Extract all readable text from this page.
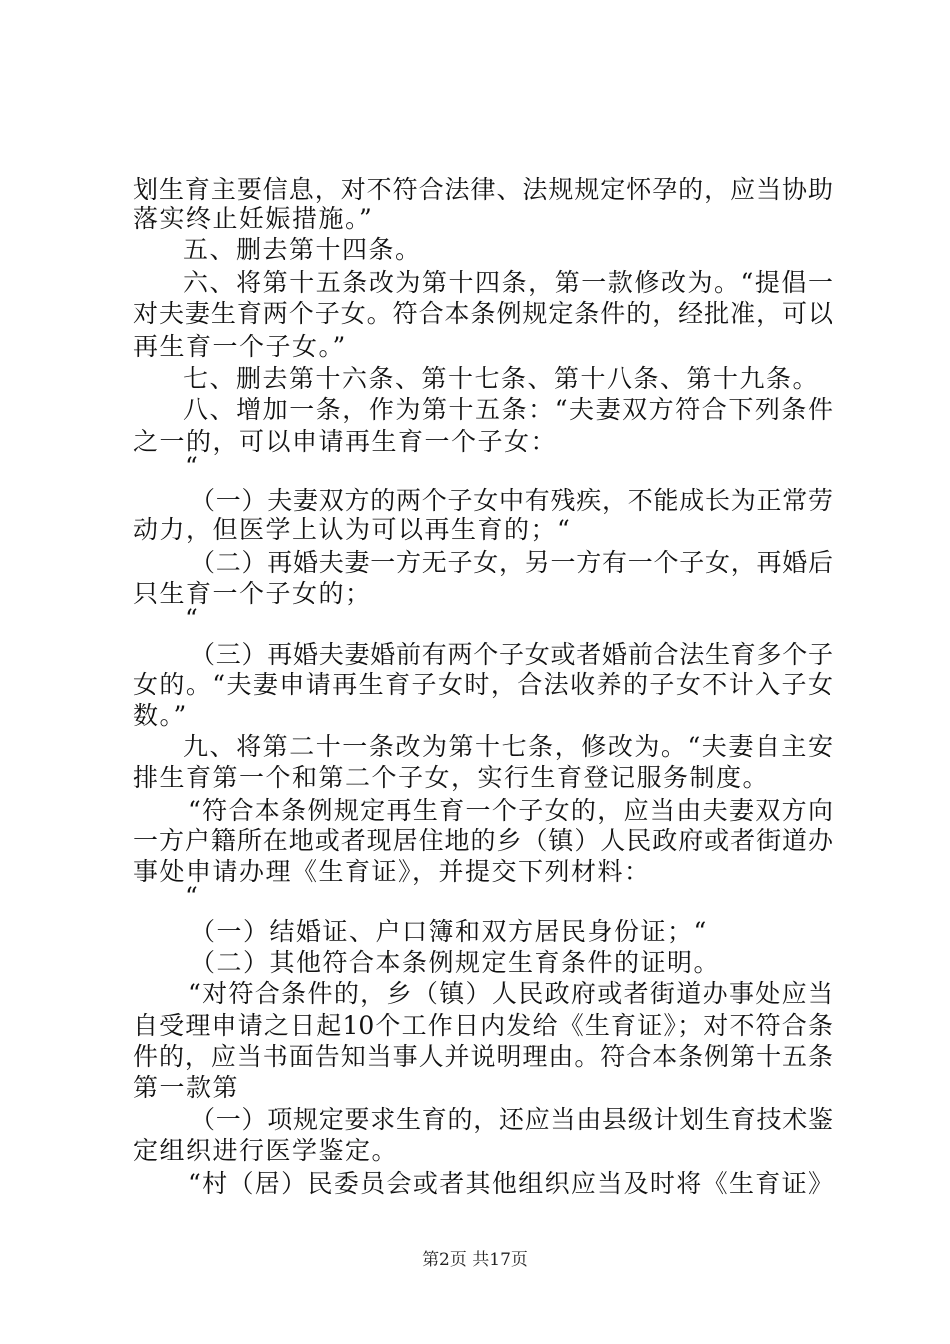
划生育主要信息，对不符合法律、法规规定怀孕的，应当协助
落实终止妊娠措施。”
五、删去第十四条。
六、将第十五条改为第十四条，第一款修改为。“提倡一
对夫妻生育两个子女。符合本条例规定条件的，经批准，可以
再生育一个子女。”
七、删去第十六条、第十七条、第十八条、第十九条。
八、增加一条，作为第十五条：“夫妻双方符合下列条件
之一的，可以申请再生育一个子女：
“
（一）夫妻双方的两个子女中有残疾，不能成长为正常劳
动力，但医学上认为可以再生育的；“
（二）再婚夫妻一方无子女，另一方有一个子女，再婚后
只生育一个子女的；
“
（三）再婚夫妻婚前有两个子女或者婚前合法生育多个子
女的。“夫妻申请再生育子女时，合法收养的子女不计入子女
数。”
九、将第二十一条改为第十七条，修改为。“夫妻自主安
排生育第一个和第二个子女，实行生育登记服务制度。
“符合本条例规定再生育一个子女的，应当由夫妻双方向
一方户籍所在地或者现居住地的乡（镇）人民政府或者街道办
事处申请办理《生育证》，并提交下列材料：
“
（一）结婚证、户口簿和双方居民身份证；“
（二）其他符合本条例规定生育条件的证明。
“对符合条件的，乡（镇）人民政府或者街道办事处应当
自受理申请之日起10个工作日内发给《生育证》；对不符合条
件的，应当书面告知当事人并说明理由。符合本条例第十五条
第一款第
（一）项规定要求生育的，还应当由县级计划生育技术鉴
定组织进行医学鉴定。
“村（居）民委员会或者其他组织应当及时将《生育证》
第2页 共17页
